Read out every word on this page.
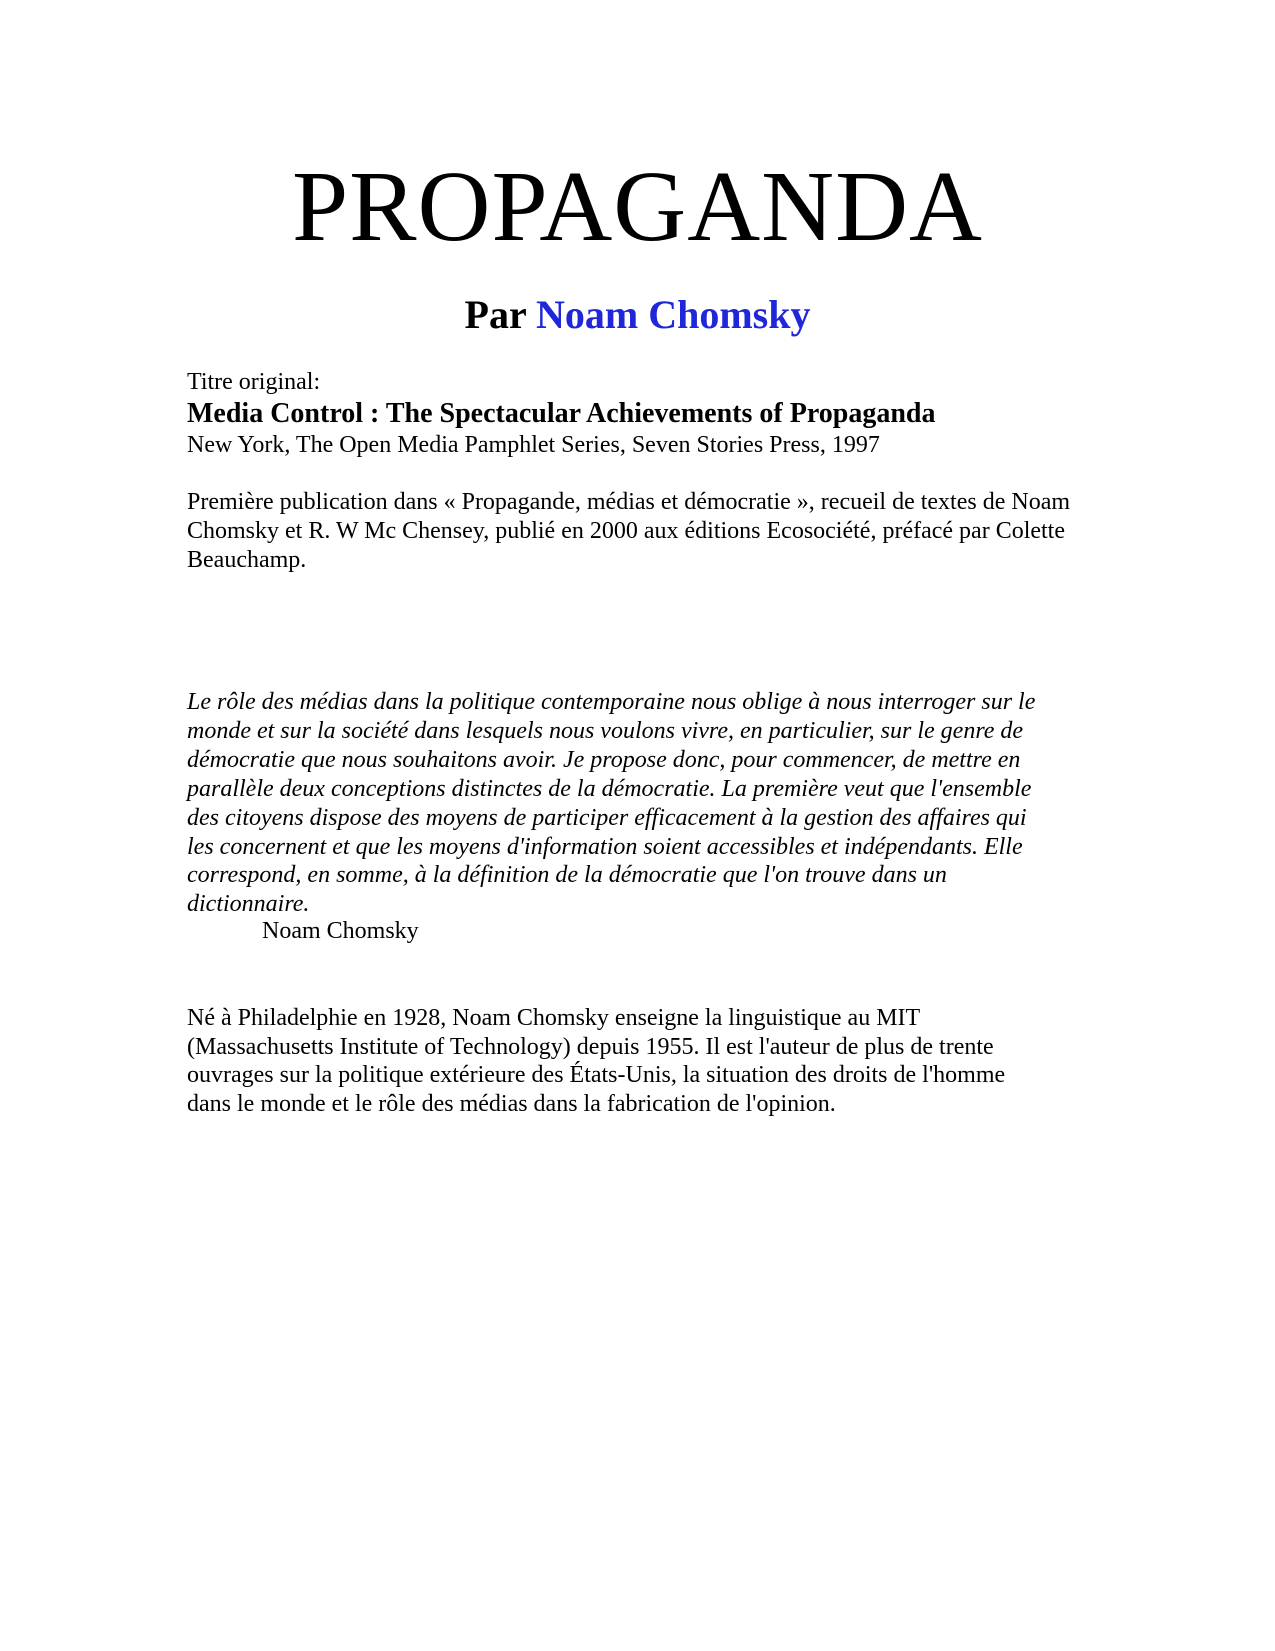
PROPAGANDA
Par Noam Chomsky

Titre original:

Media Control : The Spectacular Achievements of Propaganda

New York, The Open Media Pamphlet Series, Seven Stories Press, 1997

Première publication dans « Propagande, médias et démocratie », recueil de textes de Noam Chomsky et R. W Mc Chensey, publié en 2000 aux éditions Ecosociété, préfacé par Colette Beauchamp.

Le rôle des médias dans la politique contemporaine nous oblige à nous interroger sur le
monde et sur la société dans lesquels nous voulons vivre, en particulier, sur le genre de
démocratie que nous souhaitons avoir. Je propose donc, pour commencer, de mettre en
parallèle deux conceptions distinctes de la démocratie. La première veut que l'ensemble
des citoyens dispose des moyens de participer efficacement à la gestion des affaires qui
les concernent et que les moyens d'information soient accessibles et indépendants. Elle
correspond, en somme, à la définition de la démocratie que l'on trouve dans un
dictionnaire.

Noam Chomsky

Né à Philadelphie en 1928, Noam Chomsky enseigne la linguistique au MIT
(Massachusetts Institute of Technology) depuis 1955. Il est l'auteur de plus de trente
ouvrages sur la politique extérieure des États-Unis, la situation des droits de l'homme
dans le monde et le rôle des médias dans la fabrication de l'opinion.
